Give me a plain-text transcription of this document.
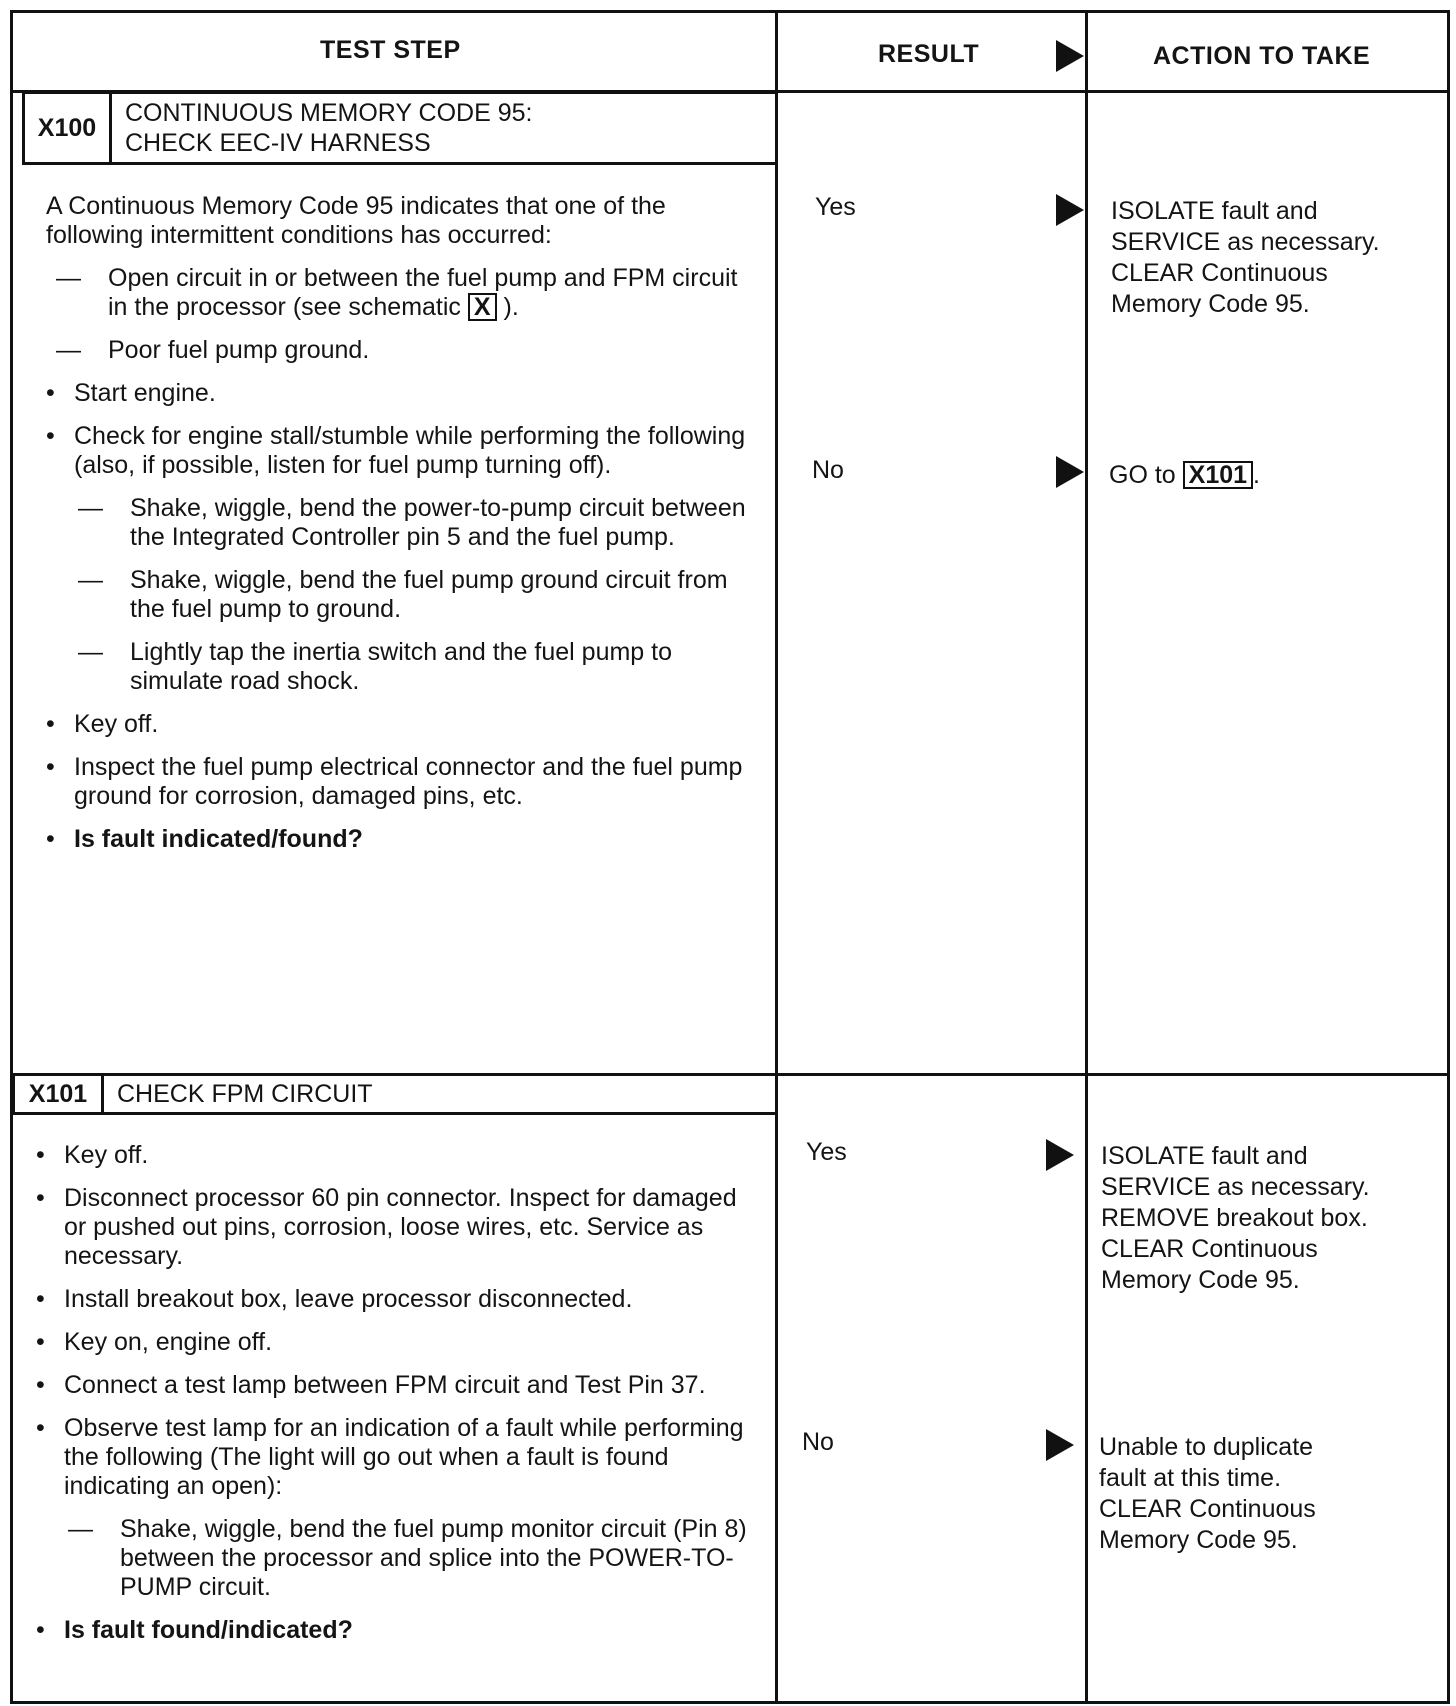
TEST STEP	RESULT	ACTION TO TAKE
X100
CONTINUOUS MEMORY CODE 95:
CHECK EEC-IV HARNESS

A Continuous Memory Code 95 indicates that one of the following intermittent conditions has occurred:

—	Open circuit in or between the fuel pump and FPM circuit in the processor (see schematic X ).
—	Poor fuel pump ground.
• Start engine.
• Check for engine stall/stumble while performing the following (also, if possible, listen for fuel pump turning off).
—	Shake, wiggle, bend the power-to-pump circuit between the Integrated Controller pin 5 and the fuel pump.
—	Shake, wiggle, bend the fuel pump ground circuit from the fuel pump to ground.
—	Lightly tap the inertia switch and the fuel pump to simulate road shock.
• Key off.
• Inspect the fuel pump electrical connector and the fuel pump ground for corrosion, damaged pins, etc.
• Is fault indicated/found?
Yes	ISOLATE fault and
SERVICE as necessary.
CLEAR Continuous
Memory Code 95.
No	GO to X101 .
X101	CHECK FPM CIRCUIT
• Key off.
• Disconnect processor 60 pin connector. Inspect for damaged or pushed out pins, corrosion, loose wires, etc. Service as necessary.
• Install breakout box, leave processor disconnected.
• Key on, engine off.
• Connect a test lamp between FPM circuit and Test Pin 37.
• Observe test lamp for an indication of a fault while performing the following (The light will go out when a fault is found indicating an open):
—	Shake, wiggle, bend the fuel pump monitor circuit (Pin 8) between the processor and splice into the POWER-TO-PUMP circuit.
• Is fault found/indicated?
Yes	ISOLATE fault and
SERVICE as necessary.
REMOVE breakout box.
CLEAR Continuous
Memory Code 95.
No	Unable to duplicate
fault at this time.
CLEAR Continuous
Memory Code 95.
